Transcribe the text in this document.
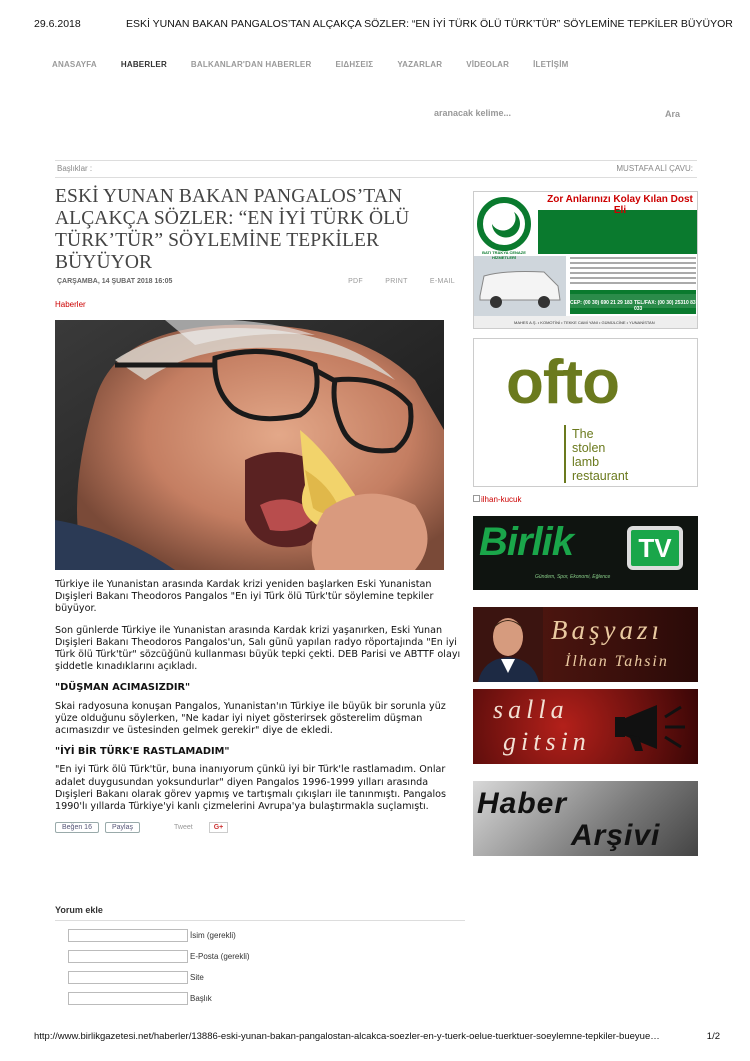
29.6.2018	ESKİ YUNAN BAKAN PANGALOS’TAN ALÇAKÇA SÖZLER: “EN İYİ TÜRK ÖLÜ TÜRK’TÜR” SÖYLEMİNE TEPKİLER BÜYÜYOR
ANASAYFA	HABERLER	BALKANLAR'DAN HABERLER	ΕΙΔΗΣΕΙΣ	YAZARLAR	VİDEOLAR	İLETİŞİM
aranacak kelime...
Ara
Başlıklar :	MUSTAFA ALİ ÇAVU:
ESKİ YUNAN BAKAN PANGALOS’TAN ALÇAKÇA SÖZLER: “EN İYİ TÜRK ÖLÜ TÜRK’TÜR” SÖYLEMİNE TEPKİLER BÜYÜYOR
ÇARŞAMBA, 14 ŞUBAT 2018 16:05	PDF	PRINT	E-MAIL
Haberler

Türkiye ile Yunanistan arasında Kardak krizi yeniden başlarken Eski Yunanistan Dışişleri Bakanı Theodoros Pangalos "En iyi Türk ölü Türk'tür söylemine tepkiler büyüyor.

Son günlerde Türkiye ile Yunanistan arasında Kardak krizi yaşanırken, Eski Yunan Dışişleri Bakanı Theodoros Pangalos'un, Salı günü yapılan radyo röportajında "En iyi Türk ölü Türk'tür" sözcüğünü kullanması büyük tepki çekti. DEB Parisi ve ABTTF olayı şiddetle kınadıklarını açıkladı.

"DÜŞMAN ACIMASIZDIR"

Skai radyosuna konuşan Pangalos, Yunanistan'ın Türkiye ile büyük bir sorunla yüz yüze olduğunu söylerken, "Ne kadar iyi niyet gösterirsek gösterelim düşman acımasızdır ve üstesinden gelmek gerekir" diye de ekledi.

"İYİ BİR TÜRK'E RASTLAMADIM"

"En iyi Türk ölü Türk'tür, buna inanıyorum çünkü iyi bir Türk'le rastlamadım. Onlar adalet duygusundan yoksundurlar" diyen Pangalos 1996-1999 yılları arasında Dışişleri Bakanı olarak görev yapmış ve tartışmalı çıkışları ile tanınmıştı. Pangalos 1990'lı yıllarda Türkiye'yi kanlı çizmelerini Avrupa'ya bulaştırmakla suçlamıştı.

Beğen 16	Paylaş	Tweet	G+
Yorum ekle
İsim (gerekli)
E-Posta (gerekli)
Site
Başlık
Zor Anlarınızı Kolay Kılan Dost Eli
BATI TRAKYA CENAZE HİZMETLERİ
CEP: (00 30) 690 21 29 183 TEL/FAX: (00 30) 25310 83 033
MAHES A.Ş. • KOMOTİNİ • TEKKE CAMİ YANI • GÜMÜLCİNE • YUNANİSTAN
ofto
The
stolen
lamb
restaurant
ilhan-kucuk
Birlik	TV
Gündem, Spor, Ekonomi, Eğlence
Başyazı
İlhan Tahsin
salla
gitsin
Haber
Arşivi
http://www.birlikgazetesi.net/haberler/13886-eski-yunan-bakan-pangalostan-alcakca-soezler-en-y-tuerk-oelue-tuerktuer-soeylemne-tepkiler-bueyue…	1/2
